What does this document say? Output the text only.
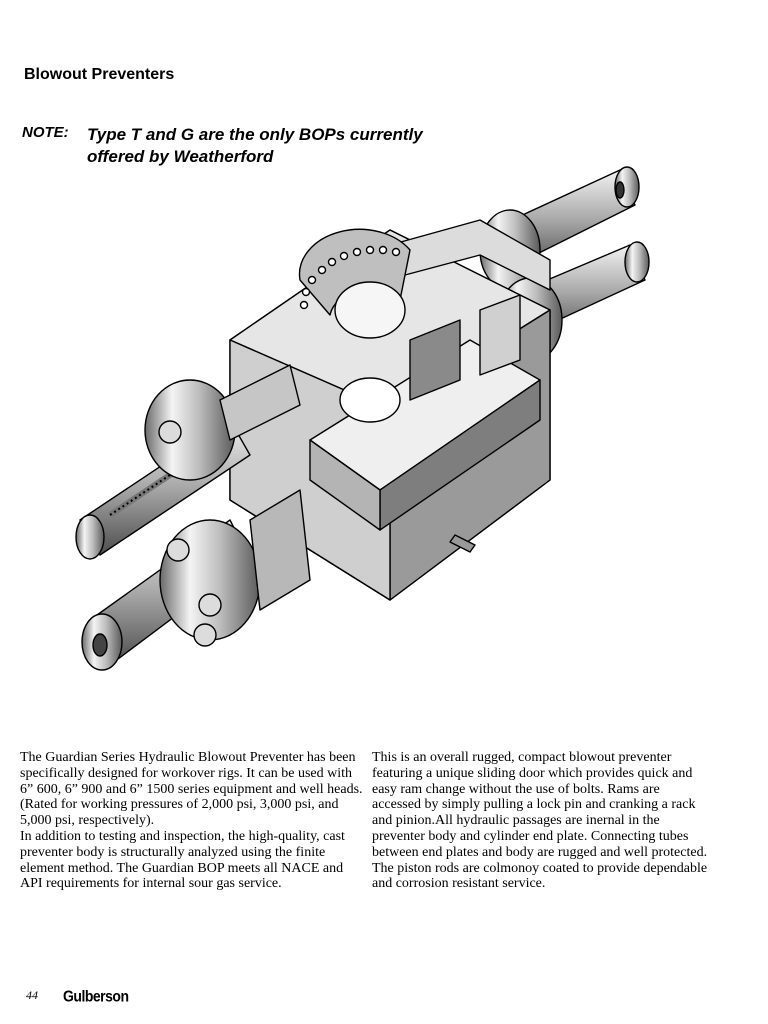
Blowout Preventers
NOTE: Type T and G are the only BOPs currently
offered by Weatherford

The Guardian Series Hydraulic Blowout Preventer has been specifically designed for workover rigs. It can be used with 6” 600, 6” 900 and 6” 1500 series equipment and well heads. (Rated for working pressures of 2,000 psi, 3,000 psi, and 5,000 psi, respectively).

In addition to testing and inspection, the high-quality, cast preventer body is structurally analyzed using the finite element method. The Guardian BOP meets all NACE and API requirements for internal sour gas service.

This is an overall rugged, compact blowout preventer featuring a unique sliding door which provides quick and easy ram change without the use of bolts. Rams are accessed by simply pulling a lock pin and cranking a rack and pinion.All hydraulic passages are inernal in the preventer body and cylinder end plate. Connecting tubes between end plates and body are rugged and well protected.

The piston rods are colmonoy coated to provide dependable and corrosion resistant service.

44 Gulberson
